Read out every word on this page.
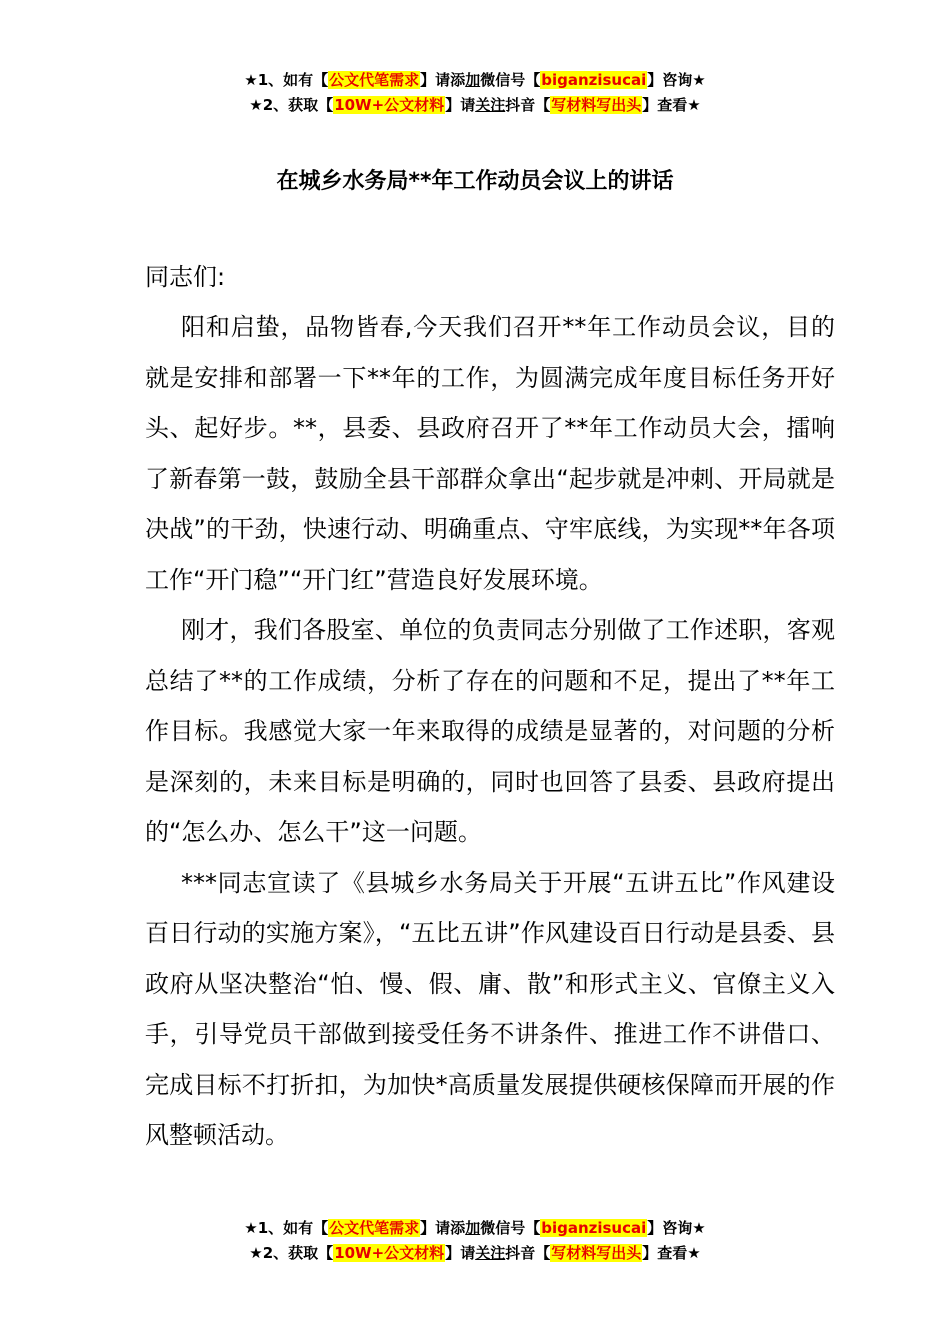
★1、如有【公文代笔需求】请添加微信号【biganzisucai】咨询★
★2、获取【10W+公文材料】请关注抖音【写材料写出头】查看★
在城乡水务局**年工作动员会议上的讲话
同志们:

阳和启蛰，品物皆春,今天我们召开**年工作动员会议，目的就是安排和部署一下**年的工作，为圆满完成年度目标任务开好头、起好步。**，县委、县政府召开了**年工作动员大会，擂响了新春第一鼓，鼓励全县干部群众拿出“起步就是冲刺、开局就是决战”的干劲，快速行动、明确重点、守牢底线，为实现**年各项工作“开门稳”“开门红”营造良好发展环境。

刚才，我们各股室、单位的负责同志分别做了工作述职，客观总结了**的工作成绩，分析了存在的问题和不足，提出了**年工作目标。我感觉大家一年来取得的成绩是显著的，对问题的分析是深刻的，未来目标是明确的，同时也回答了县委、县政府提出的“怎么办、怎么干”这一问题。

***同志宣读了《县城乡水务局关于开展“五讲五比”作风建设百日行动的实施方案》，“五比五讲”作风建设百日行动是县委、县政府从坚决整治“怕、慢、假、庸、散”和形式主义、官僚主义入手，引导党员干部做到接受任务不讲条件、推进工作不讲借口、完成目标不打折扣，为加快*高质量发展提供硬核保障而开展的作风整顿活动。

★1、如有【公文代笔需求】请添加微信号【biganzisucai】咨询★
★2、获取【10W+公文材料】请关注抖音【写材料写出头】查看★
